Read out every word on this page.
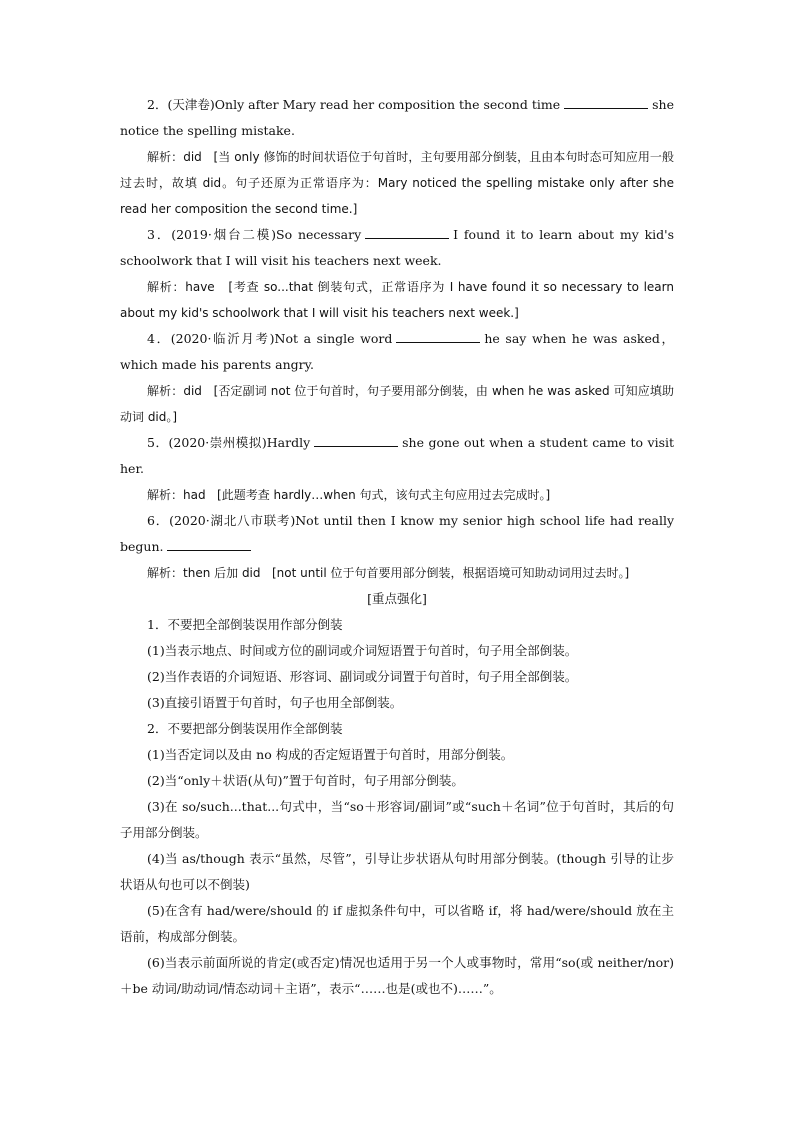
2．(天津卷)Only after Mary read her composition the second time	she notice the spelling mistake.

解析：did [当 only 修饰的时间状语位于句首时，主句要用部分倒装，且由本句时态可知应用一般过去时，故填 did。句子还原为正常语序为：Mary noticed the spelling mistake only after she read her composition the second time.]

3．(2019·烟台二模)So necessary	I found it to learn about my kid's schoolwork that I will visit his teachers next week.

解析：have [考查 so...that 倒装句式，正常语序为 I have found it so necessary to learn about my kid's schoolwork that I will visit his teachers next week.]

4．(2020·临沂月考)Not a single word	he say when he was asked， which made his parents angry.

解析：did [否定副词 not 位于句首时，句子要用部分倒装，由 when he was asked 可知应填助动词 did。]

5．(2020·崇州模拟)Hardly	she gone out when a student came to visit her.

解析：had [此题考查 hardly…when 句式，该句式主句应用过去完成时。]

6．(2020·湖北八市联考)Not until then I know my senior high school life had really begun.

解析：then 后加 did [not until 位于句首要用部分倒装，根据语境可知助动词用过去时。]

[重点强化]

1．不要把全部倒装误用作部分倒装

(1)当表示地点、时间或方位的副词或介词短语置于句首时，句子用全部倒装。

(2)当作表语的介词短语、形容词、副词或分词置于句首时，句子用全部倒装。

(3)直接引语置于句首时，句子也用全部倒装。

2．不要把部分倒装误用作全部倒装

(1)当否定词以及由 no 构成的否定短语置于句首时，用部分倒装。

(2)当“only＋状语(从句)”置于句首时，句子用部分倒装。

(3)在 so/such...that...句式中，当“so＋形容词/副词”或“such＋名词”位于句首时，其后的句子用部分倒装。

(4)当 as/though 表示“虽然，尽管”，引导让步状语从句时用部分倒装。(though 引导的让步状语从句也可以不倒装)

(5)在含有 had/were/should 的 if 虚拟条件句中，可以省略 if，将 had/were/should 放在主语前，构成部分倒装。

(6)当表示前面所说的肯定(或否定)情况也适用于另一个人或事物时，常用“so(或 neither/nor)＋be 动词/助动词/情态动词＋主语”，表示“……也是(或也不)……”。
